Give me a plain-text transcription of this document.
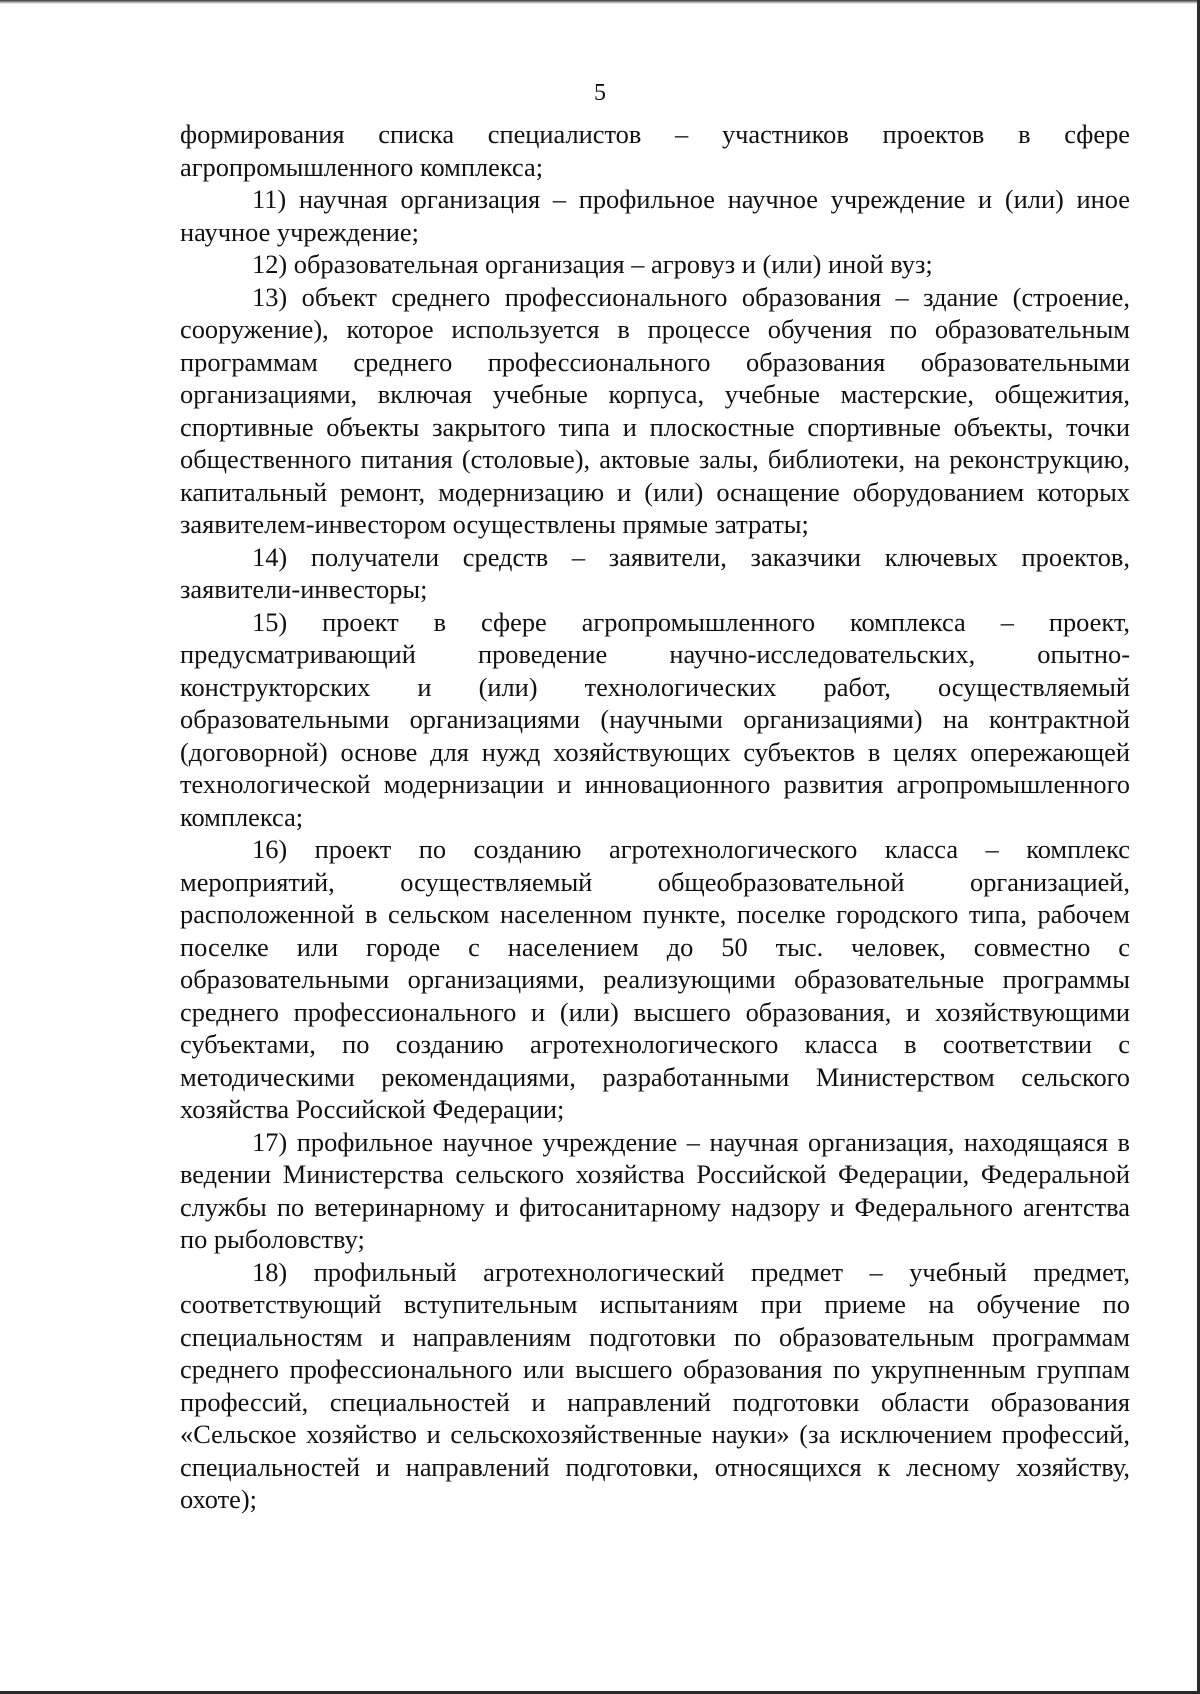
5

формирования списка специалистов – участников проектов в сфере агропромышленного комплекса;

11) научная организация – профильное научное учреждение и (или) иное научное учреждение;

12) образовательная организация – агровуз и (или) иной вуз;

13) объект среднего профессионального образования – здание (строение, сооружение), которое используется в процессе обучения по образовательным программам среднего профессионального образования образовательными организациями, включая учебные корпуса, учебные мастерские, общежития, спортивные объекты закрытого типа и плоскостные спортивные объекты, точки общественного питания (столовые), актовые залы, библиотеки, на реконструкцию, капитальный ремонт, модернизацию и (или) оснащение оборудованием которых заявителем-инвестором осуществлены прямые затраты;

14) получатели средств – заявители, заказчики ключевых проектов, заявители-инвесторы;

15) проект в сфере агропромышленного комплекса – проект, предусматривающий проведение научно-исследовательских, опытно-конструкторских и (или) технологических работ, осуществляемый образовательными организациями (научными организациями) на контрактной (договорной) основе для нужд хозяйствующих субъектов в целях опережающей технологической модернизации и инновационного развития агропромышленного комплекса;

16) проект по созданию агротехнологического класса – комплекс мероприятий, осуществляемый общеобразовательной организацией, расположенной в сельском населенном пункте, поселке городского типа, рабочем поселке или городе с населением до 50 тыс. человек, совместно с образовательными организациями, реализующими образовательные программы среднего профессионального и (или) высшего образования, и хозяйствующими субъектами, по созданию агротехнологического класса в соответствии с методическими рекомендациями, разработанными Министерством сельского хозяйства Российской Федерации;

17) профильное научное учреждение – научная организация, находящаяся в ведении Министерства сельского хозяйства Российской Федерации, Федеральной службы по ветеринарному и фитосанитарному надзору и Федерального агентства по рыболовству;

18) профильный агротехнологический предмет – учебный предмет, соответствующий вступительным испытаниям при приеме на обучение по специальностям и направлениям подготовки по образовательным программам среднего профессионального или высшего образования по укрупненным группам профессий, специальностей и направлений подготовки области образования «Сельское хозяйство и сельскохозяйственные науки» (за исключением профессий, специальностей и направлений подготовки, относящихся к лесному хозяйству, охоте);
